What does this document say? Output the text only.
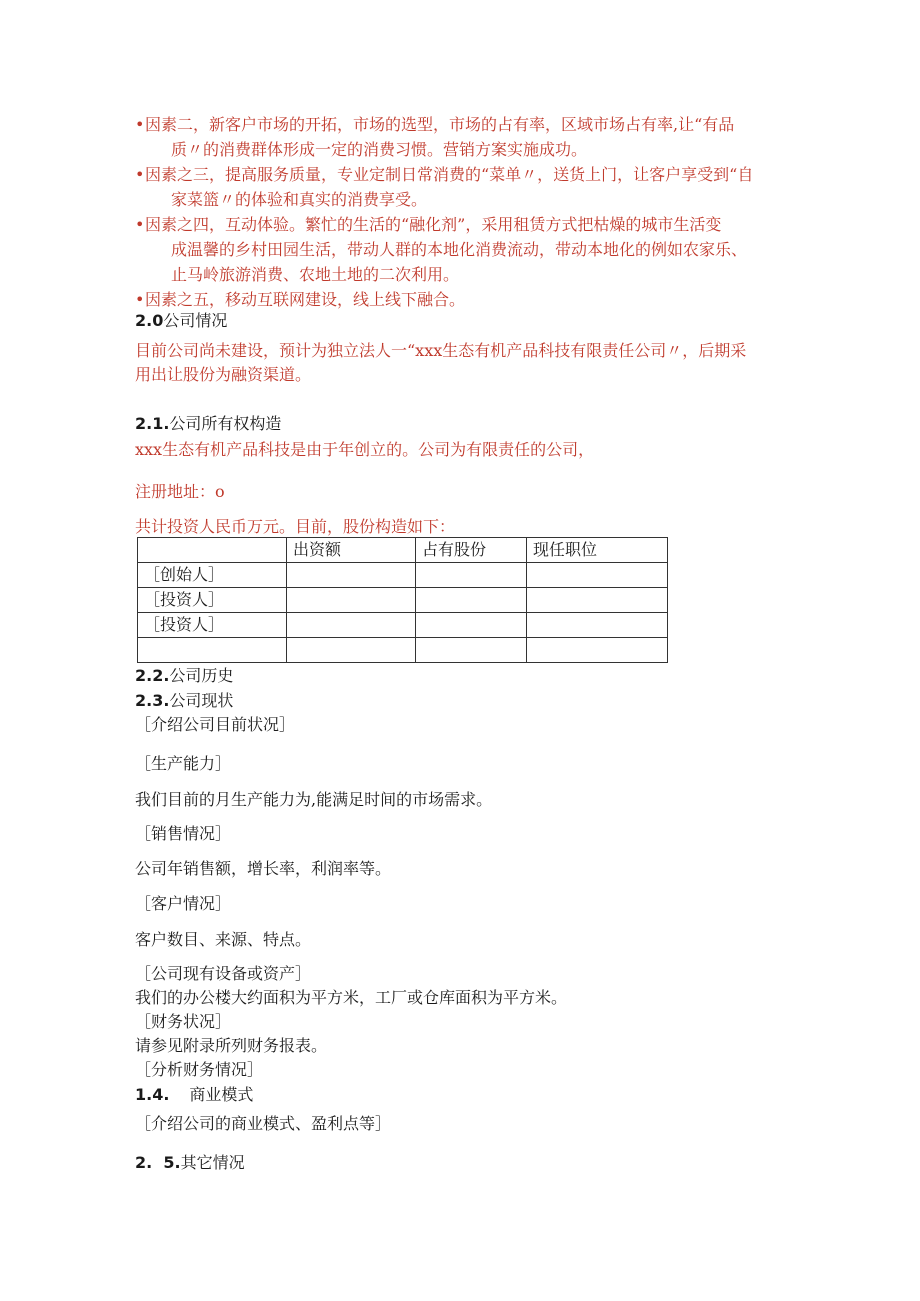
• 因素二，新客户市场的开拓，市场的选型，市场的占有率，区域市场占有率,让“有品
质〃的消费群体形成一定的消费习惯。营销方案实施成功。
• 因素之三，提高服务质量，专业定制日常消费的“菜单〃，送货上门，让客户享受到“自
家菜篮〃的体验和真实的消费享受。
• 因素之四，互动体验。繁忙的生活的“融化剂”，采用租赁方式把枯燥的城市生活变
成温馨的乡村田园生活，带动人群的本地化消费流动，带动本地化的例如农家乐、
止马岭旅游消费、农地土地的二次利用。
• 因素之五，移动互联网建设，线上线下融合。
2.0公司情况
目前公司尚未建设，预计为独立法人一“xxx生态有机产品科技有限责任公司〃，后期采
用出让股份为融资渠道。
2.1.公司所有权构造
xxx生态有机产品科技是由于年创立的。公司为有限责任的公司，
注册地址：o
共计投资人民币万元。目前，股份构造如下：
	出资额	占有股份	现任职位
［创始人］			
［投资人］			
［投资人］			

2.2.公司历史
2.3.公司现状
［介绍公司目前状况］
［生产能力］
我们目前的月生产能力为,能满足时间的市场需求。
［销售情况］
公司年销售额，增长率，利润率等。
［客户情况］
客户数目、来源、特点。
［公司现有设备或资产］
我们的办公楼大约面积为平方米，工厂或仓库面积为平方米。
［财务状况］
请参见附录所列财务报表。
［分析财务情况］
1.4. 商业模式
［介绍公司的商业模式、盈利点等］
2.  5.其它情况
